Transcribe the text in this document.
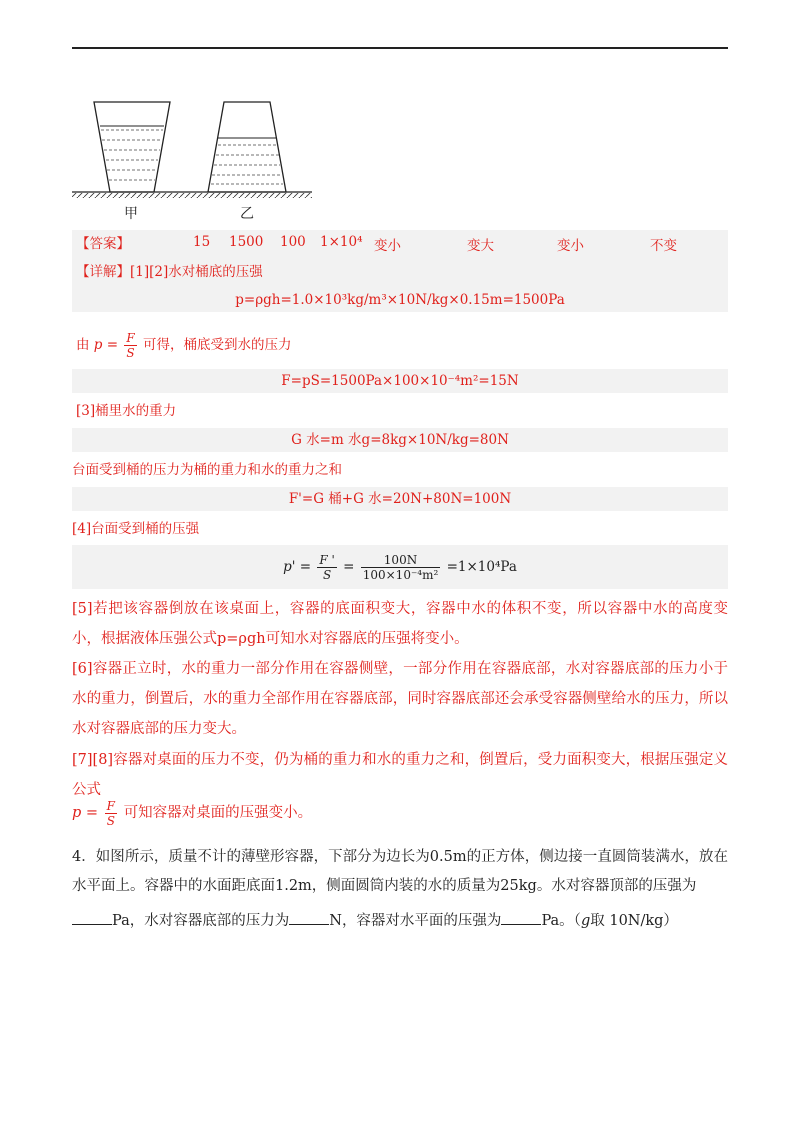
甲	乙
【答案】	15 1500 100 1×10⁴ 变小	变大	变小	不变
【详解】[1][2]水对桶底的压强
p=ρgh=1.0×10³kg/m³×10N/kg×0.15m=1500Pa
由 $p = \frac{F}{S}$ 可得，桶底受到水的压力
F=pS=1500Pa×100×10⁻⁴m²=15N
[3]桶里水的重力
G 水=m 水g=8kg×10N/kg=80N
台面受到桶的压力为桶的重力和水的重力之和
F'=G 桶+G 水=20N+80N=100N
[4]台面受到桶的压强
$p' = \frac{F '}{S} = \frac{100N}{\text{100×10⁻⁴m²}} =1\times 10^4Pa$
[5]若把该容器倒放在该桌面上，容器的底面积变大，容器中水的体积不变，所以容器中水的高度变小，根据液体压强公式p=ρgh可知水对容器底的压强将变小。
[6]容器正立时，水的重力一部分作用在容器侧壁，一部分作用在容器底部，水对容器底部的压力小于水的重力，倒置后，水的重力全部作用在容器底部，同时容器底部还会承受容器侧壁给水的压力，所以水对容器底部的压力变大。
[7][8]容器对桌面的压力不变，仍为桶的重力和水的重力之和，倒置后，受力面积变大，根据压强定义公式
$p = \frac{F}{S}$ 可知容器对桌面的压强变小。
4．如图所示，质量不计的薄壁形容器，下部分为边长为0.5m的正方体，侧边接一直圆筒装满水，放在水平面上。容器中的水面距底面1.2m，侧面圆筒内装的水的质量为25kg。水对容器顶部的压强为
Pa，水对容器底部的压力为	N，容器对水平面的压强为	Pa。（g取 10N/kg）
